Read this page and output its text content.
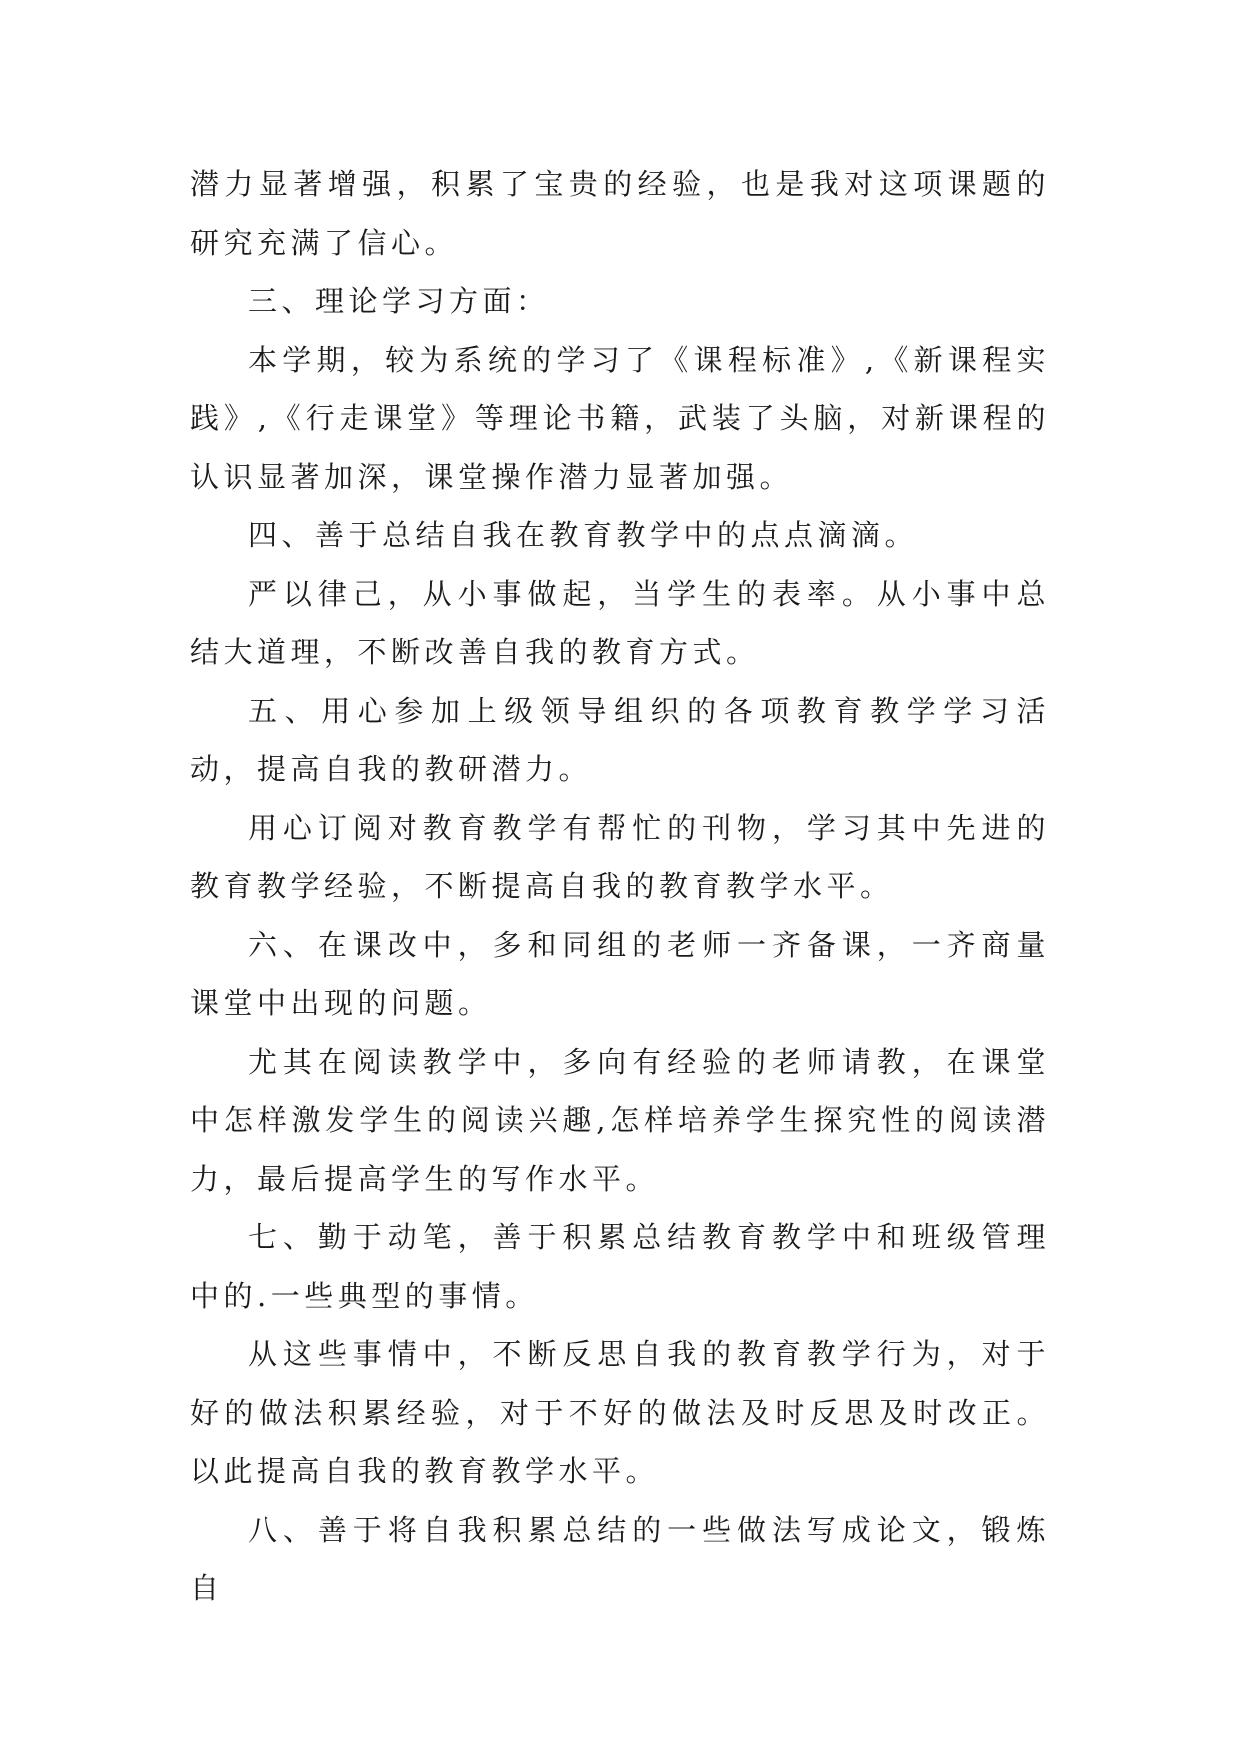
潜力显著增强，积累了宝贵的经验，也是我对这项课题的研究充满了信心。

三、理论学习方面：

本学期，较为系统的学习了《课程标准》,《新课程实践》,《行走课堂》等理论书籍，武装了头脑，对新课程的认识显著加深，课堂操作潜力显著加强。

四、善于总结自我在教育教学中的点点滴滴。

严以律己，从小事做起，当学生的表率。从小事中总结大道理，不断改善自我的教育方式。

五、用心参加上级领导组织的各项教育教学学习活动，提高自我的教研潜力。

用心订阅对教育教学有帮忙的刊物，学习其中先进的教育教学经验，不断提高自我的教育教学水平。

六、在课改中，多和同组的老师一齐备课，一齐商量课堂中出现的问题。

尤其在阅读教学中，多向有经验的老师请教，在课堂中怎样激发学生的阅读兴趣,怎样培养学生探究性的阅读潜力，最后提高学生的写作水平。

七、勤于动笔，善于积累总结教育教学中和班级管理中的.一些典型的事情。

从这些事情中，不断反思自我的教育教学行为，对于好的做法积累经验，对于不好的做法及时反思及时改正。以此提高自我的教育教学水平。

八、善于将自我积累总结的一些做法写成论文，锻炼自
